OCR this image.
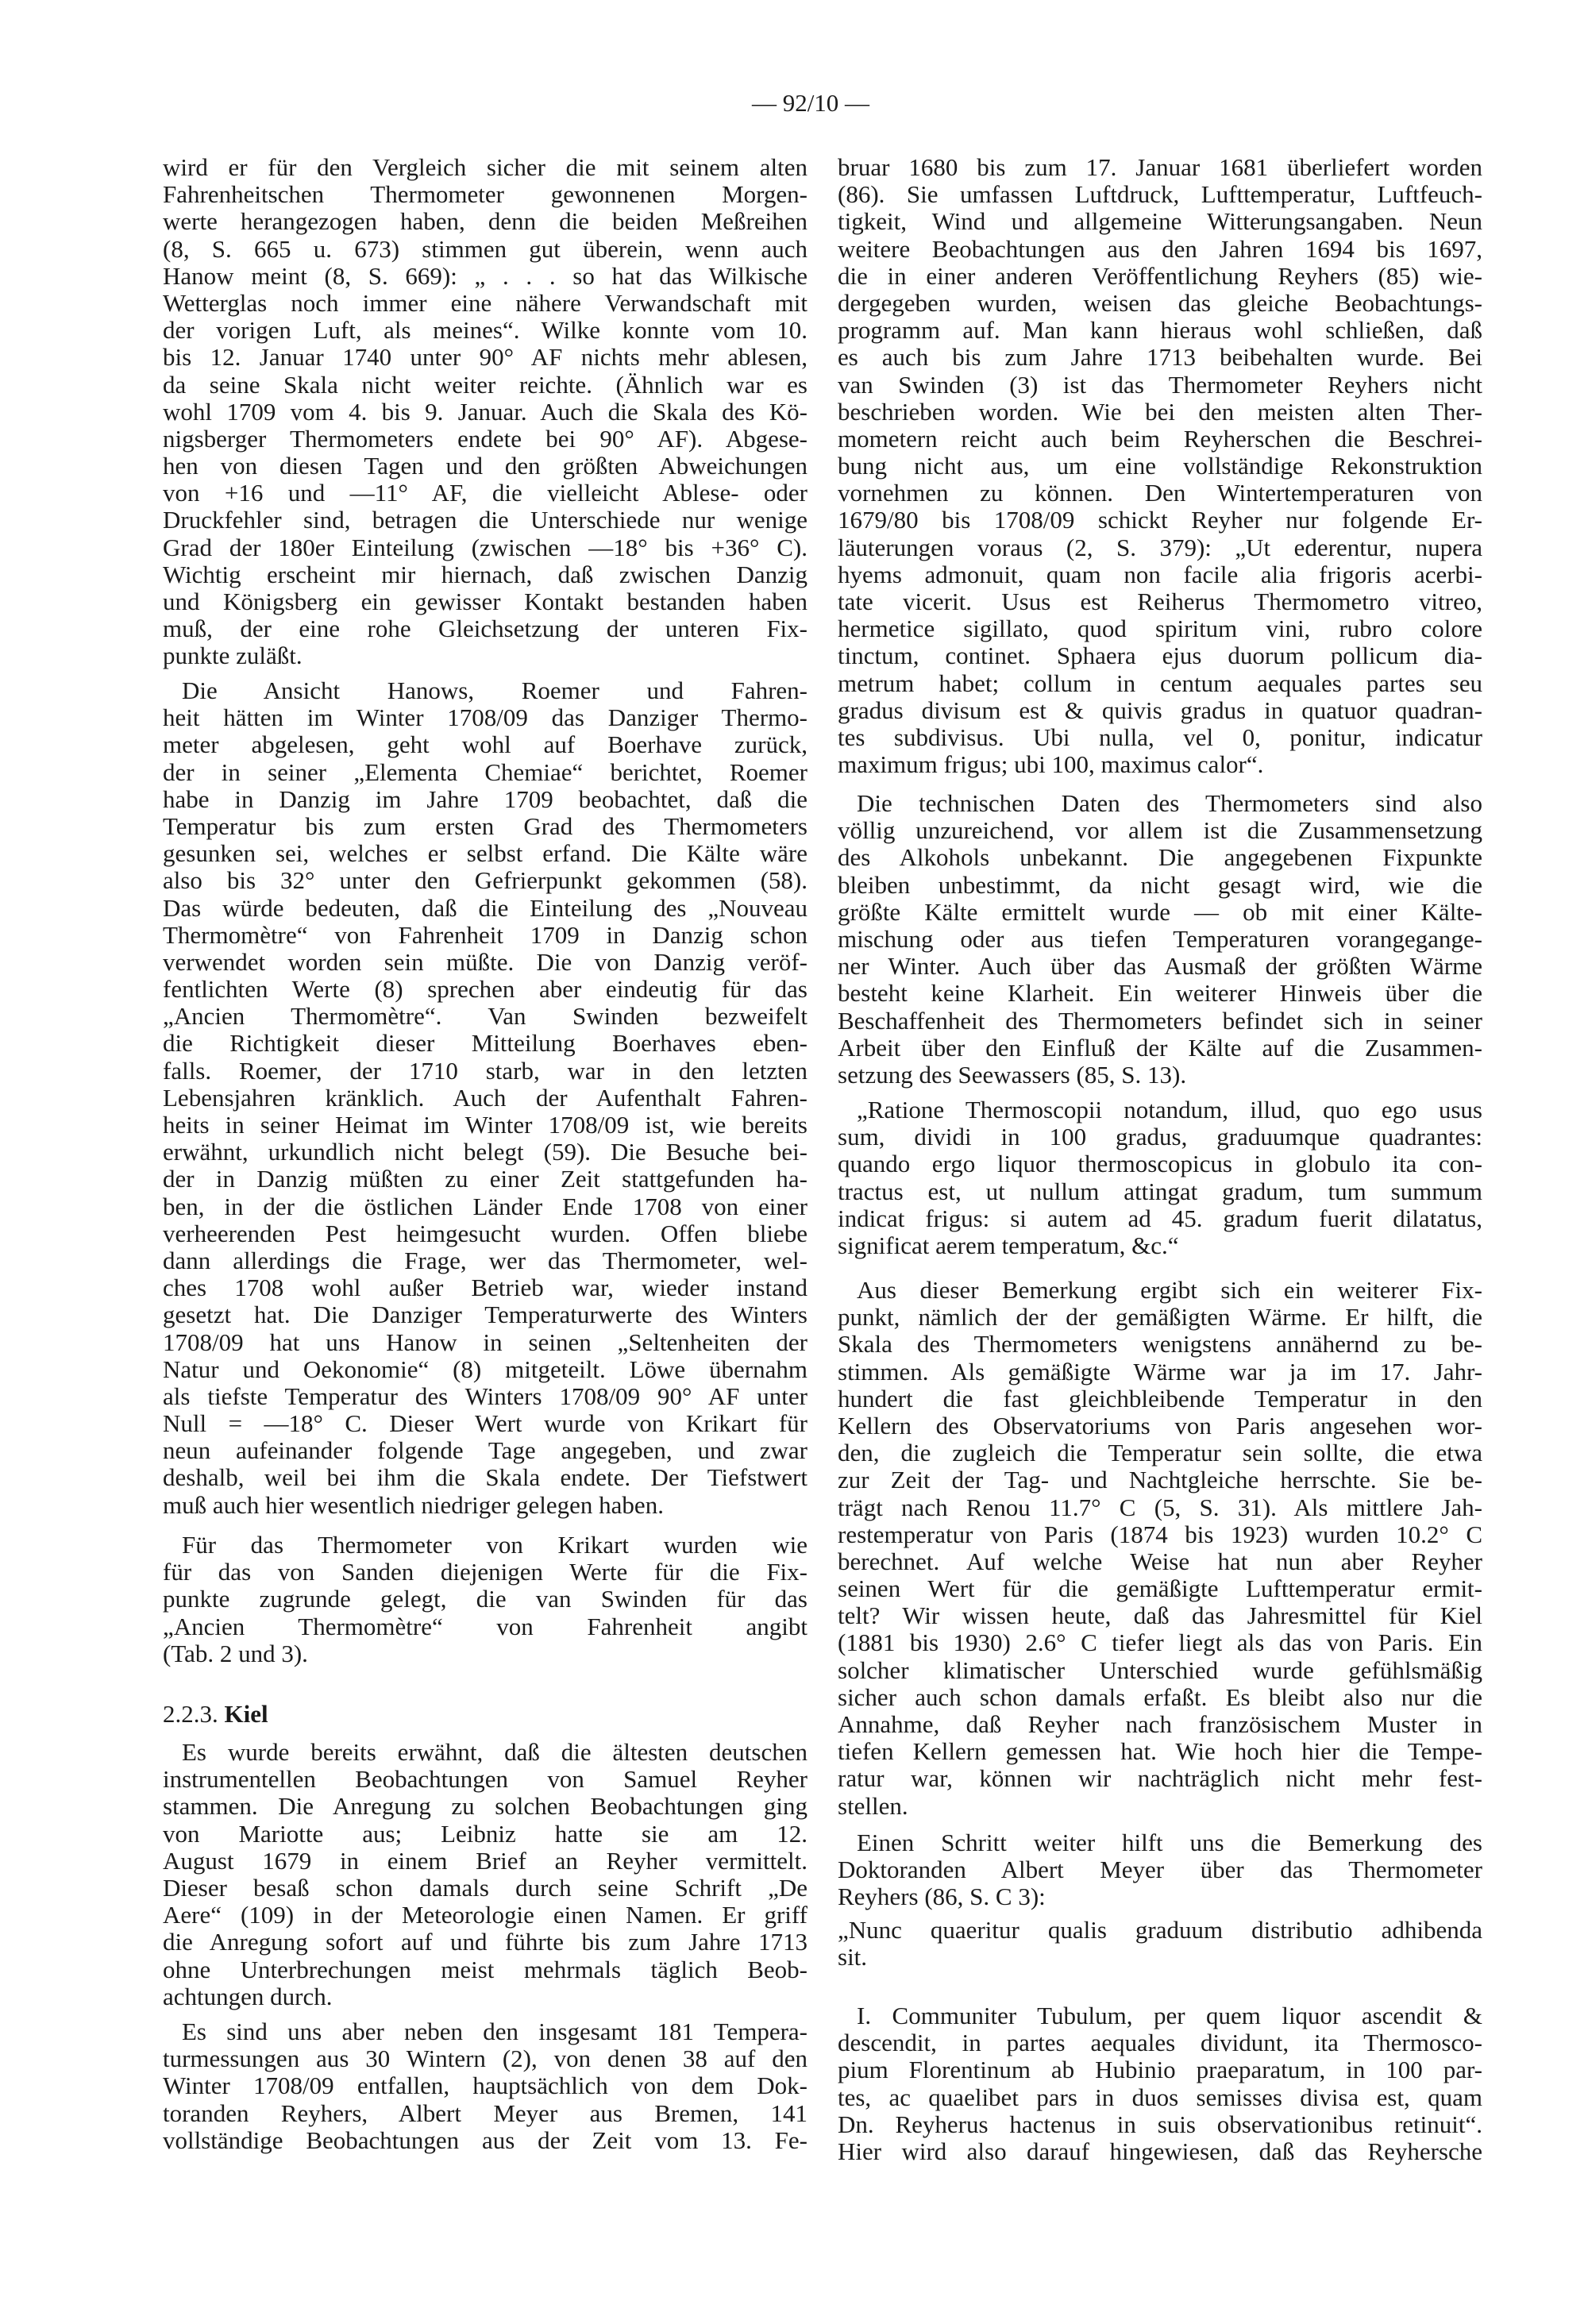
— 92/10 —
2.2.3. Kiel
wird er für den Vergleich sicher die mit seinem alten
Fahrenheitschen Thermometer gewonnenen Morgen-
werte herangezogen haben, denn die beiden Meßreihen
(8, S. 665 u. 673) stimmen gut überein, wenn auch
Hanow meint (8, S. 669): „ . . . so hat das Wilkische
Wetterglas noch immer eine nähere Verwandschaft mit
der vorigen Luft, als meines“. Wilke konnte vom 10.
bis 12. Januar 1740 unter 90° AF nichts mehr ablesen,
da seine Skala nicht weiter reichte. (Ähnlich war es
wohl 1709 vom 4. bis 9. Januar. Auch die Skala des Kö-
nigsberger Thermometers endete bei 90° AF). Abgese-
hen von diesen Tagen und den größten Abweichungen
von +16 und —11° AF, die vielleicht Ablese- oder
Druckfehler sind, betragen die Unterschiede nur wenige
Grad der 180er Einteilung (zwischen —18° bis +36° C).
Wichtig erscheint mir hiernach, daß zwischen Danzig
und Königsberg ein gewisser Kontakt bestanden haben
muß, der eine rohe Gleichsetzung der unteren Fix-
punkte zuläßt.
Die Ansicht Hanows, Roemer und Fahren-
heit hätten im Winter 1708/09 das Danziger Thermo-
meter abgelesen, geht wohl auf Boerhave zurück,
der in seiner „Elementa Chemiae“ berichtet, Roemer
habe in Danzig im Jahre 1709 beobachtet, daß die
Temperatur bis zum ersten Grad des Thermometers
gesunken sei, welches er selbst erfand. Die Kälte wäre
also bis 32° unter den Gefrierpunkt gekommen (58).
Das würde bedeuten, daß die Einteilung des „Nouveau
Thermomètre“ von Fahrenheit 1709 in Danzig schon
verwendet worden sein müßte. Die von Danzig veröf-
fentlichten Werte (8) sprechen aber eindeutig für das
„Ancien Thermomètre“. Van Swinden bezweifelt
die Richtigkeit dieser Mitteilung Boerhaves eben-
falls. Roemer, der 1710 starb, war in den letzten
Lebensjahren kränklich. Auch der Aufenthalt Fahren-
heits in seiner Heimat im Winter 1708/09 ist, wie bereits
erwähnt, urkundlich nicht belegt (59). Die Besuche bei-
der in Danzig müßten zu einer Zeit stattgefunden ha-
ben, in der die östlichen Länder Ende 1708 von einer
verheerenden Pest heimgesucht wurden. Offen bliebe
dann allerdings die Frage, wer das Thermometer, wel-
ches 1708 wohl außer Betrieb war, wieder instand
gesetzt hat. Die Danziger Temperaturwerte des Winters
1708/09 hat uns Hanow in seinen „Seltenheiten der
Natur und Oekonomie“ (8) mitgeteilt. Löwe übernahm
als tiefste Temperatur des Winters 1708/09 90° AF unter
Null = —18° C. Dieser Wert wurde von Krikart für
neun aufeinander folgende Tage angegeben, und zwar
deshalb, weil bei ihm die Skala endete. Der Tiefstwert
muß auch hier wesentlich niedriger gelegen haben.
Für das Thermometer von Krikart wurden wie
für das von Sanden diejenigen Werte für die Fix-
punkte zugrunde gelegt, die van Swinden für das
„Ancien Thermomètre“ von Fahrenheit angibt
(Tab. 2 und 3).
Es wurde bereits erwähnt, daß die ältesten deutschen
instrumentellen Beobachtungen von Samuel Reyher
stammen. Die Anregung zu solchen Beobachtungen ging
von Mariotte aus; Leibniz hatte sie am 12.
August 1679 in einem Brief an Reyher vermittelt.
Dieser besaß schon damals durch seine Schrift „De
Aere“ (109) in der Meteorologie einen Namen. Er griff
die Anregung sofort auf und führte bis zum Jahre 1713
ohne Unterbrechungen meist mehrmals täglich Beob-
achtungen durch.
Es sind uns aber neben den insgesamt 181 Tempera-
turmessungen aus 30 Wintern (2), von denen 38 auf den
Winter 1708/09 entfallen, hauptsächlich von dem Dok-
toranden Reyhers, Albert Meyer aus Bremen, 141
vollständige Beobachtungen aus der Zeit vom 13. Fe-
bruar 1680 bis zum 17. Januar 1681 überliefert worden
(86). Sie umfassen Luftdruck, Lufttemperatur, Luftfeuch-
tigkeit, Wind und allgemeine Witterungsangaben. Neun
weitere Beobachtungen aus den Jahren 1694 bis 1697,
die in einer anderen Veröffentlichung Reyhers (85) wie-
dergegeben wurden, weisen das gleiche Beobachtungs-
programm auf. Man kann hieraus wohl schließen, daß
es auch bis zum Jahre 1713 beibehalten wurde. Bei
van Swinden (3) ist das Thermometer Reyhers nicht
beschrieben worden. Wie bei den meisten alten Ther-
mometern reicht auch beim Reyherschen die Beschrei-
bung nicht aus, um eine vollständige Rekonstruktion
vornehmen zu können. Den Wintertemperaturen von
1679/80 bis 1708/09 schickt Reyher nur folgende Er-
läuterungen voraus (2, S. 379): „Ut ederentur, nupera
hyems admonuit, quam non facile alia frigoris acerbi-
tate vicerit. Usus est Reiherus Thermometro vitreo,
hermetice sigillato, quod spiritum vini, rubro colore
tinctum, continet. Sphaera ejus duorum pollicum dia-
metrum habet; collum in centum aequales partes seu
gradus divisum est & quivis gradus in quatuor quadran-
tes subdivisus. Ubi nulla, vel 0, ponitur, indicatur
maximum frigus; ubi 100, maximus calor“.
Die technischen Daten des Thermometers sind also
völlig unzureichend, vor allem ist die Zusammensetzung
des Alkohols unbekannt. Die angegebenen Fixpunkte
bleiben unbestimmt, da nicht gesagt wird, wie die
größte Kälte ermittelt wurde — ob mit einer Kälte-
mischung oder aus tiefen Temperaturen vorangegange-
ner Winter. Auch über das Ausmaß der größten Wärme
besteht keine Klarheit. Ein weiterer Hinweis über die
Beschaffenheit des Thermometers befindet sich in seiner
Arbeit über den Einfluß der Kälte auf die Zusammen-
setzung des Seewassers (85, S. 13).
„Ratione Thermoscopii notandum, illud, quo ego usus
sum, dividi in 100 gradus, graduumque quadrantes:
quando ergo liquor thermoscopicus in globulo ita con-
tractus est, ut nullum attingat gradum, tum summum
indicat frigus: si autem ad 45. gradum fuerit dilatatus,
significat aerem temperatum, &c.“
Aus dieser Bemerkung ergibt sich ein weiterer Fix-
punkt, nämlich der der gemäßigten Wärme. Er hilft, die
Skala des Thermometers wenigstens annähernd zu be-
stimmen. Als gemäßigte Wärme war ja im 17. Jahr-
hundert die fast gleichbleibende Temperatur in den
Kellern des Observatoriums von Paris angesehen wor-
den, die zugleich die Temperatur sein sollte, die etwa
zur Zeit der Tag- und Nachtgleiche herrschte. Sie be-
trägt nach Renou 11.7° C (5, S. 31). Als mittlere Jah-
restemperatur von Paris (1874 bis 1923) wurden 10.2° C
berechnet. Auf welche Weise hat nun aber Reyher
seinen Wert für die gemäßigte Lufttemperatur ermit-
telt? Wir wissen heute, daß das Jahresmittel für Kiel
(1881 bis 1930) 2.6° C tiefer liegt als das von Paris. Ein
solcher klimatischer Unterschied wurde gefühlsmäßig
sicher auch schon damals erfaßt. Es bleibt also nur die
Annahme, daß Reyher nach französischem Muster in
tiefen Kellern gemessen hat. Wie hoch hier die Tempe-
ratur war, können wir nachträglich nicht mehr fest-
stellen.
Einen Schritt weiter hilft uns die Bemerkung des
Doktoranden Albert Meyer über das Thermometer
Reyhers (86, S. C 3):
„Nunc quaeritur qualis graduum distributio adhibenda
sit.
I. Communiter Tubulum, per quem liquor ascendit &
descendit, in partes aequales dividunt, ita Thermosco-
pium Florentinum ab Hubinio praeparatum, in 100 par-
tes, ac quaelibet pars in duos semisses divisa est, quam
Dn. Reyherus hactenus in suis observationibus retinuit“.
Hier wird also darauf hingewiesen, daß das Reyhersche
